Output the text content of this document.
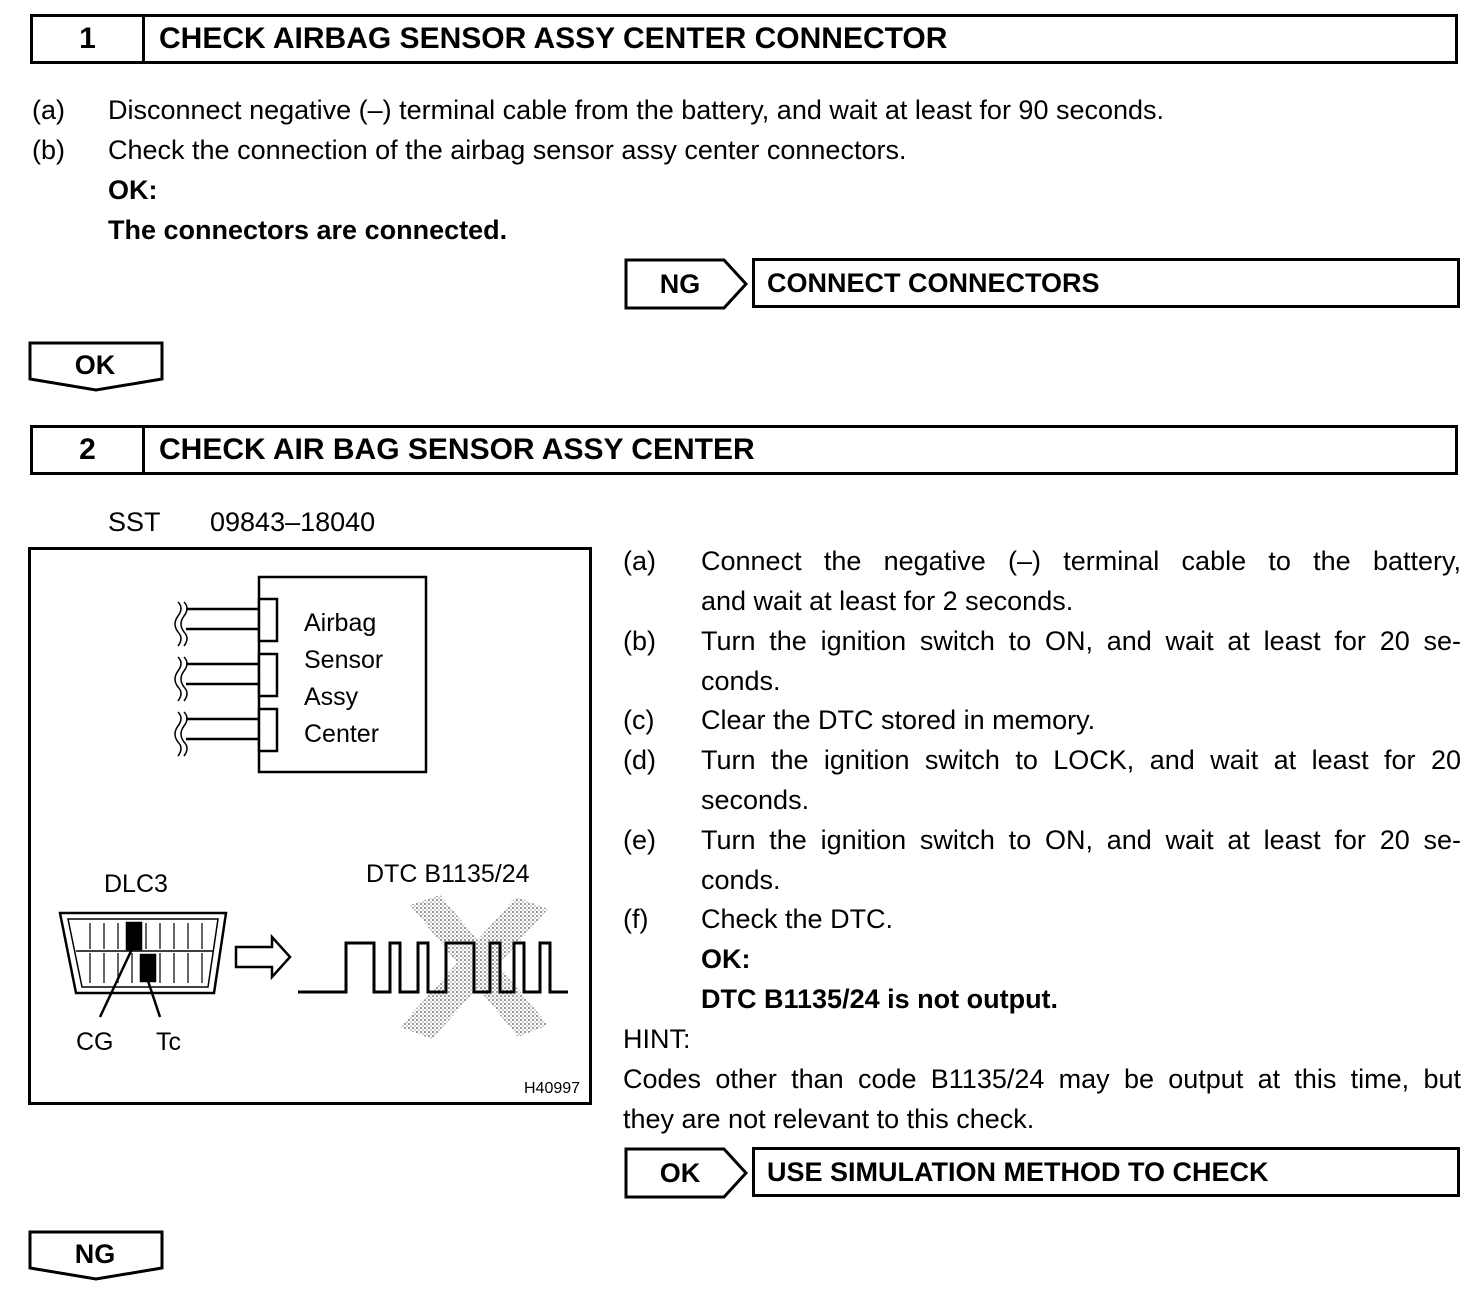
1	CHECK AIRBAG SENSOR ASSY CENTER CONNECTOR
(a) Disconnect negative (–) terminal cable from the battery, and wait at least for 90 seconds.
(b) Check the connection of the airbag sensor assy center connectors.
OK:
The connectors are connected.
NG	CONNECT CONNECTORS
OK
2	CHECK AIR BAG SENSOR ASSY CENTER
SST 09843–18040
Airbag
Sensor
Assy
Center
DLC3
CG Tc
DTC B1135/24
H40997
(a) Connect the negative (–) terminal cable to the battery,
and wait at least for 2 seconds.
(b) Turn the ignition switch to ON, and wait at least for 20 se-
conds.
(c) Clear the DTC stored in memory.
(d) Turn the ignition switch to LOCK, and wait at least for 20
seconds.
(e) Turn the ignition switch to ON, and wait at least for 20 se-
conds.
(f) Check the DTC.
OK:
DTC B1135/24 is not output.
HINT:
Codes other than code B1135/24 may be output at this time, but
they are not relevant to this check.
OK	USE SIMULATION METHOD TO CHECK
NG
